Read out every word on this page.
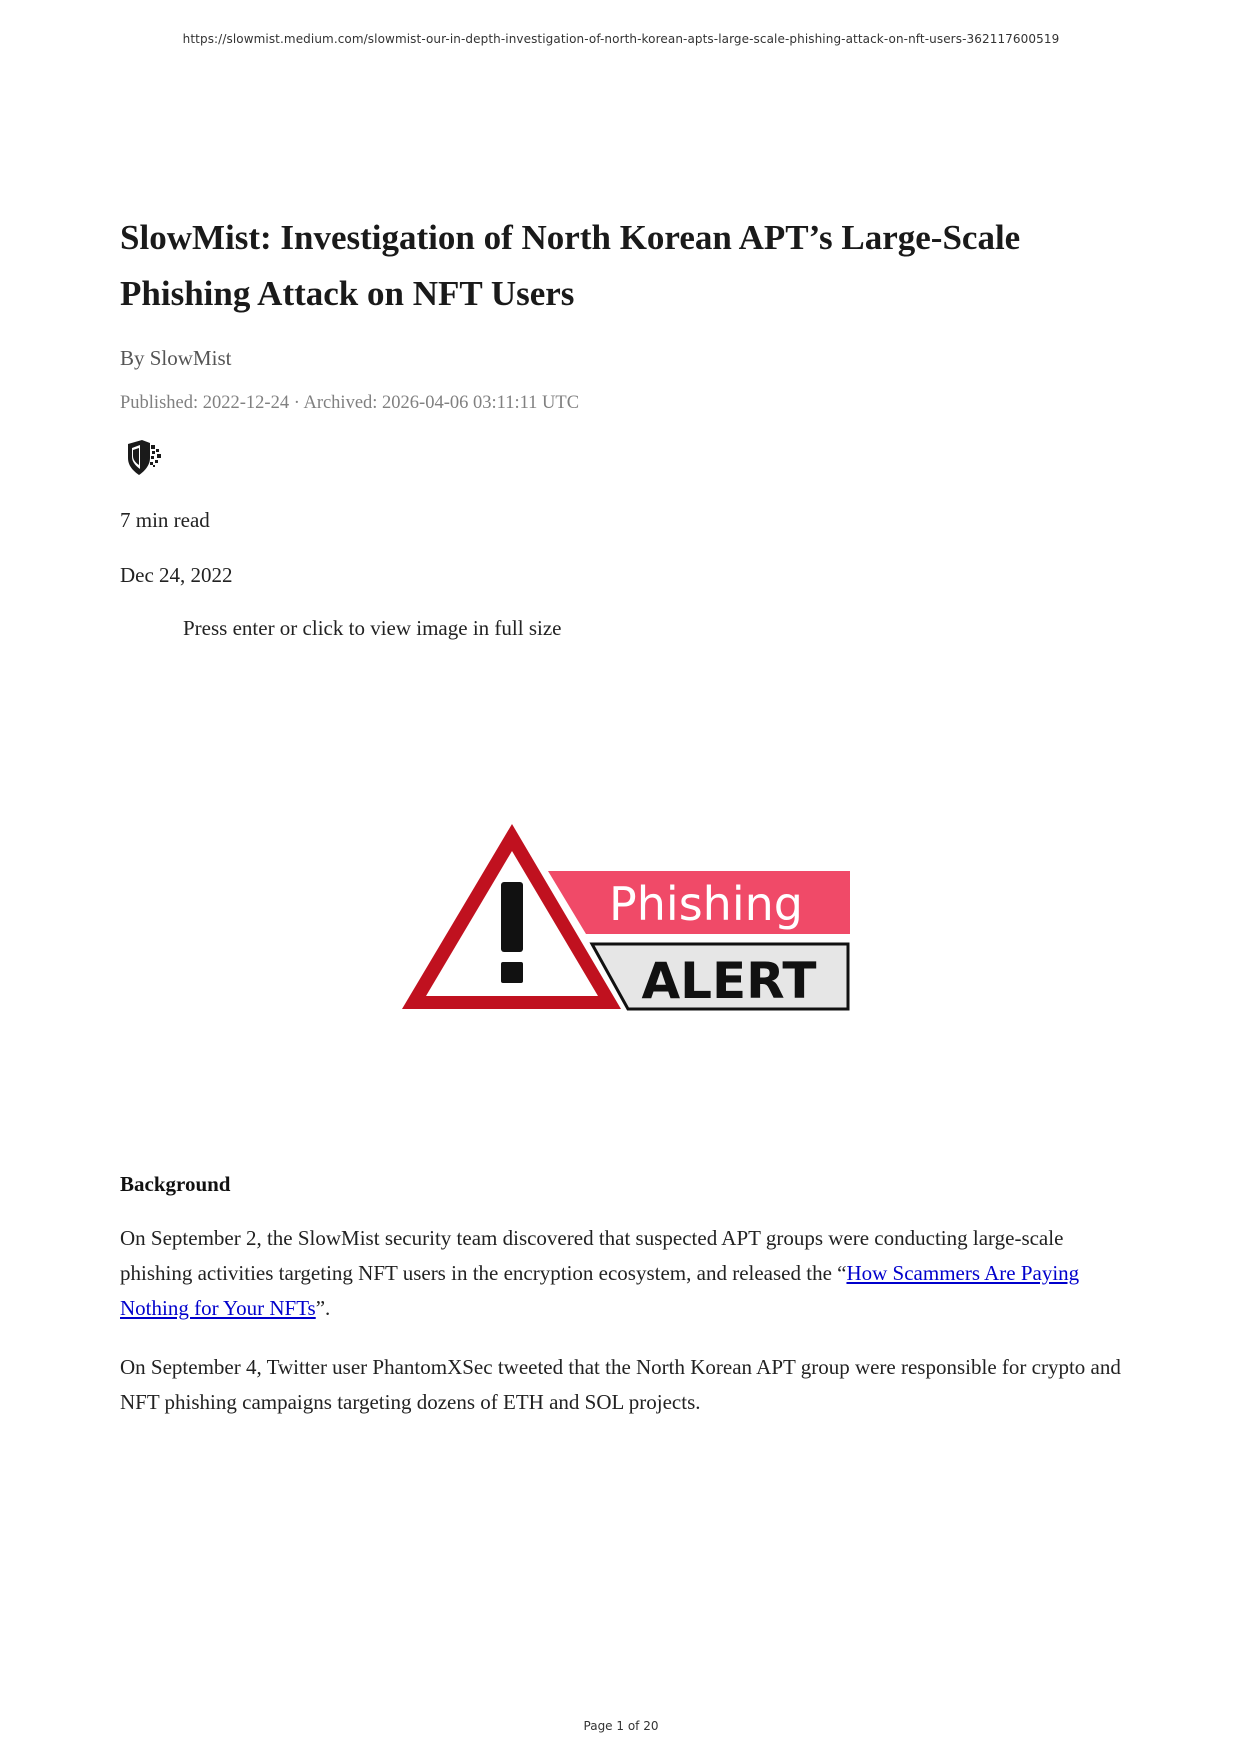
https://slowmist.medium.com/slowmist-our-in-depth-investigation-of-north-korean-apts-large-scale-phishing-attack-on-nft-users-362117600519
SlowMist: Investigation of North Korean APT’s Large-Scale Phishing Attack on NFT Users
By SlowMist
Published: 2022-12-24 · Archived: 2026-04-06 03:11:11 UTC
7 min read
Dec 24, 2022
Press enter or click to view image in full size
Phishing
ALERT
Background

On September 2, the SlowMist security team discovered that suspected APT groups were conducting large-scale phishing activities targeting NFT users in the encryption ecosystem, and released the “How Scammers Are Paying Nothing for Your NFTs”.

On September 4, Twitter user PhantomXSec tweeted that the North Korean APT group were responsible for crypto and NFT phishing campaigns targeting dozens of ETH and SOL projects.

Page 1 of 20
